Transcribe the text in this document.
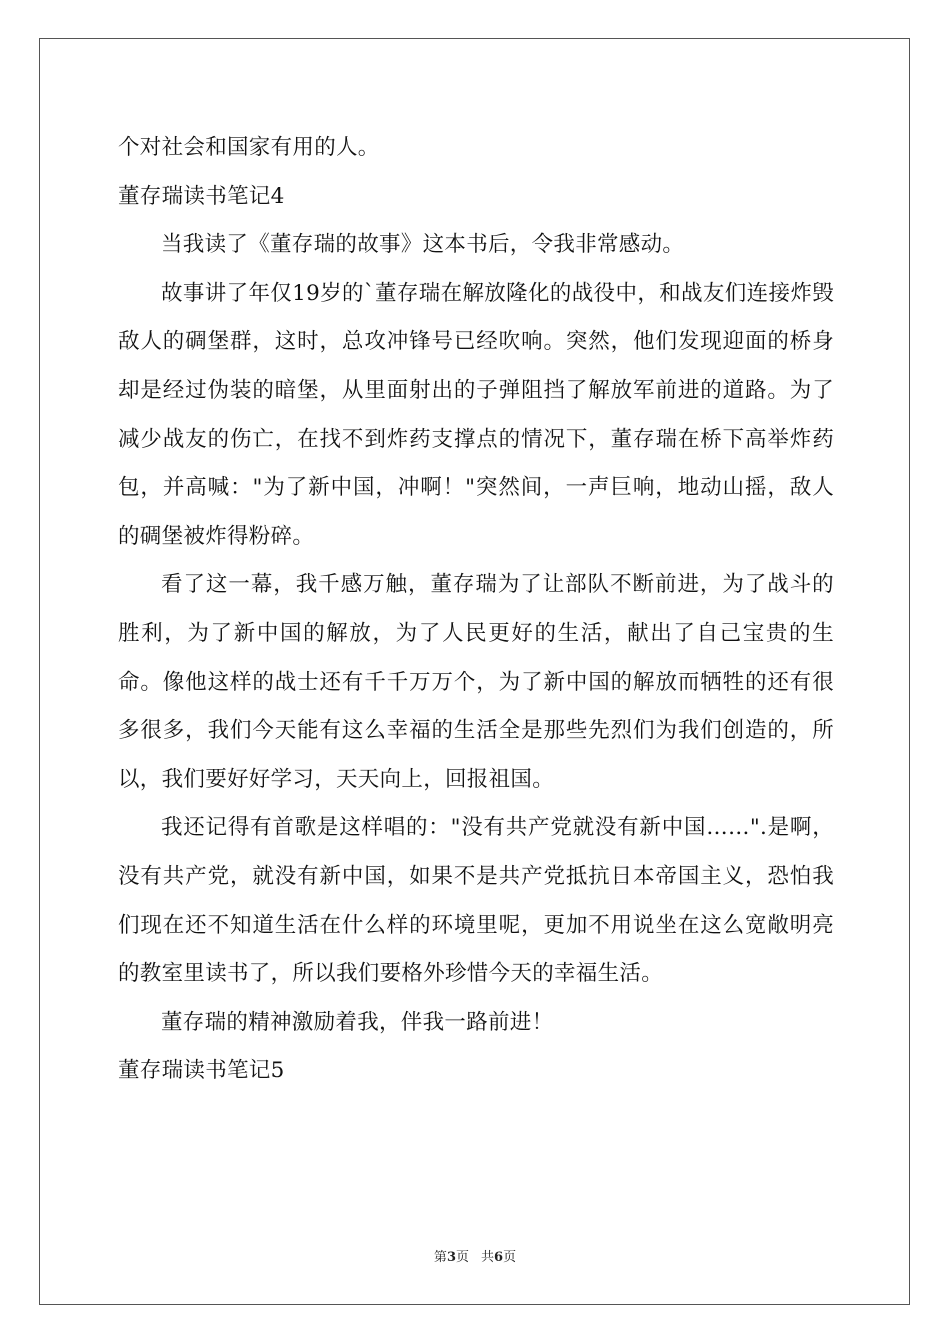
个对社会和国家有用的人。
董存瑞读书笔记4
当我读了《董存瑞的故事》这本书后，令我非常感动。
故事讲了年仅19岁的`董存瑞在解放隆化的战役中，和战友们连接炸毁敌人的碉堡群，这时，总攻冲锋号已经吹响。突然，他们发现迎面的桥身却是经过伪装的暗堡，从里面射出的子弹阻挡了解放军前进的道路。为了减少战友的伤亡，在找不到炸药支撑点的情况下，董存瑞在桥下高举炸药包，并高喊："为了新中国，冲啊！"突然间，一声巨响，地动山摇，敌人的碉堡被炸得粉碎。
看了这一幕，我千感万触，董存瑞为了让部队不断前进，为了战斗的胜利，为了新中国的解放，为了人民更好的生活，献出了自己宝贵的生命。像他这样的战士还有千千万万个，为了新中国的解放而牺牲的还有很多很多，我们今天能有这么幸福的生活全是那些先烈们为我们创造的，所以，我们要好好学习，天天向上，回报祖国。
我还记得有首歌是这样唱的："没有共产党就没有新中国……".是啊，没有共产党，就没有新中国，如果不是共产党抵抗日本帝国主义，恐怕我们现在还不知道生活在什么样的环境里呢，更加不用说坐在这么宽敞明亮的教室里读书了，所以我们要格外珍惜今天的幸福生活。
董存瑞的精神激励着我，伴我一路前进！
董存瑞读书笔记5
第3页 共6页
